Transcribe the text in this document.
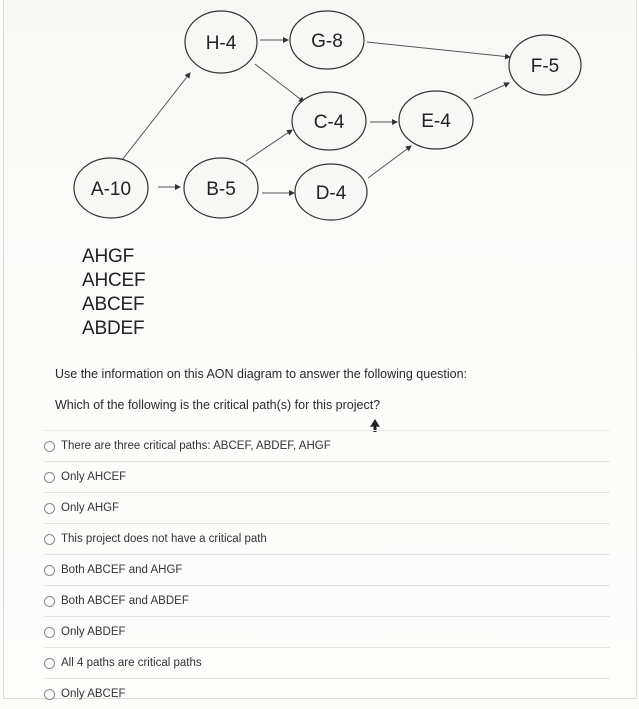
A-10	B-5
H-4	G-8
C-4
D-4
E-4
F-5
AHGF
AHCEF
ABCEF
ABDEF
Use the information on this AON diagram to answer the following question:
Which of the following is the critical path(s) for this project?
There are three critical paths: ABCEF, ABDEF, AHGF
Only AHCEF
Only AHGF
This project does not have a critical path
Both ABCEF and AHGF
Both ABCEF and ABDEF
Only ABDEF
All 4 paths are critical paths
Only ABCEF
